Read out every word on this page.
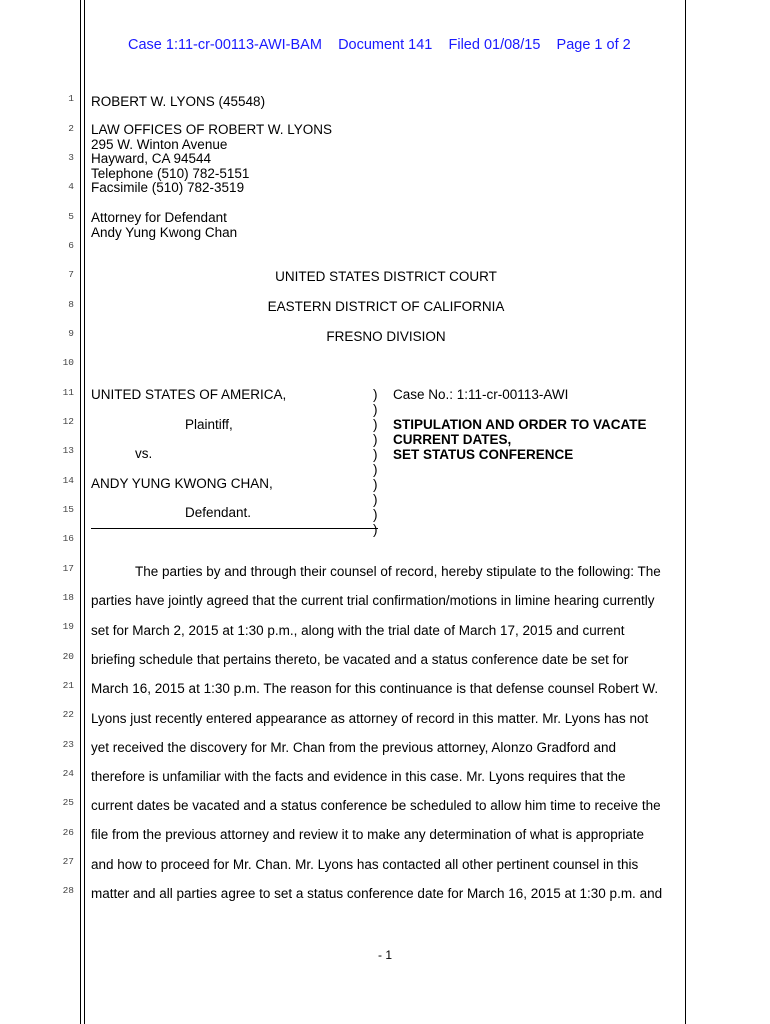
Case 1:11-cr-00113-AWI-BAM Document 141 Filed 01/08/15 Page 1 of 2
1
2
3
4
5
6
7
8
9
10
11
12
13
14
15
16
17
18
19
20
21
22
23
24
25
26
27
28
ROBERT W. LYONS (45548)
LAW OFFICES OF ROBERT W. LYONS
295 W. Winton Avenue
Hayward, CA 94544
Telephone (510) 782-5151
Facsimile (510) 782-3519
Attorney for Defendant
Andy Yung Kwong Chan
UNITED STATES DISTRICT COURT
EASTERN DISTRICT OF CALIFORNIA
FRESNO DIVISION
UNITED STATES OF AMERICA,
Plaintiff,
vs.
ANDY YUNG KWONG CHAN,
Defendant.
)
)
)
)
)
)
)
)
)
)
Case No.: 1:11-cr-00113-AWI
STIPULATION AND ORDER TO VACATE
CURRENT DATES,
SET STATUS CONFERENCE
The parties by and through their counsel of record, hereby stipulate to the following: The
parties have jointly agreed that the current trial confirmation/motions in limine hearing currently
set for March 2, 2015 at 1:30 p.m., along with the trial date of March 17, 2015 and current
briefing schedule that pertains thereto, be vacated and a status conference date be set for
March 16, 2015 at 1:30 p.m. The reason for this continuance is that defense counsel Robert W.
Lyons just recently entered appearance as attorney of record in this matter. Mr. Lyons has not
yet received the discovery for Mr. Chan from the previous attorney, Alonzo Gradford and
therefore is unfamiliar with the facts and evidence in this case. Mr. Lyons requires that the
current dates be vacated and a status conference be scheduled to allow him time to receive the
file from the previous attorney and review it to make any determination of what is appropriate
and how to proceed for Mr. Chan. Mr. Lyons has contacted all other pertinent counsel in this
matter and all parties agree to set a status conference date for March 16, 2015 at 1:30 p.m. and
- 1
